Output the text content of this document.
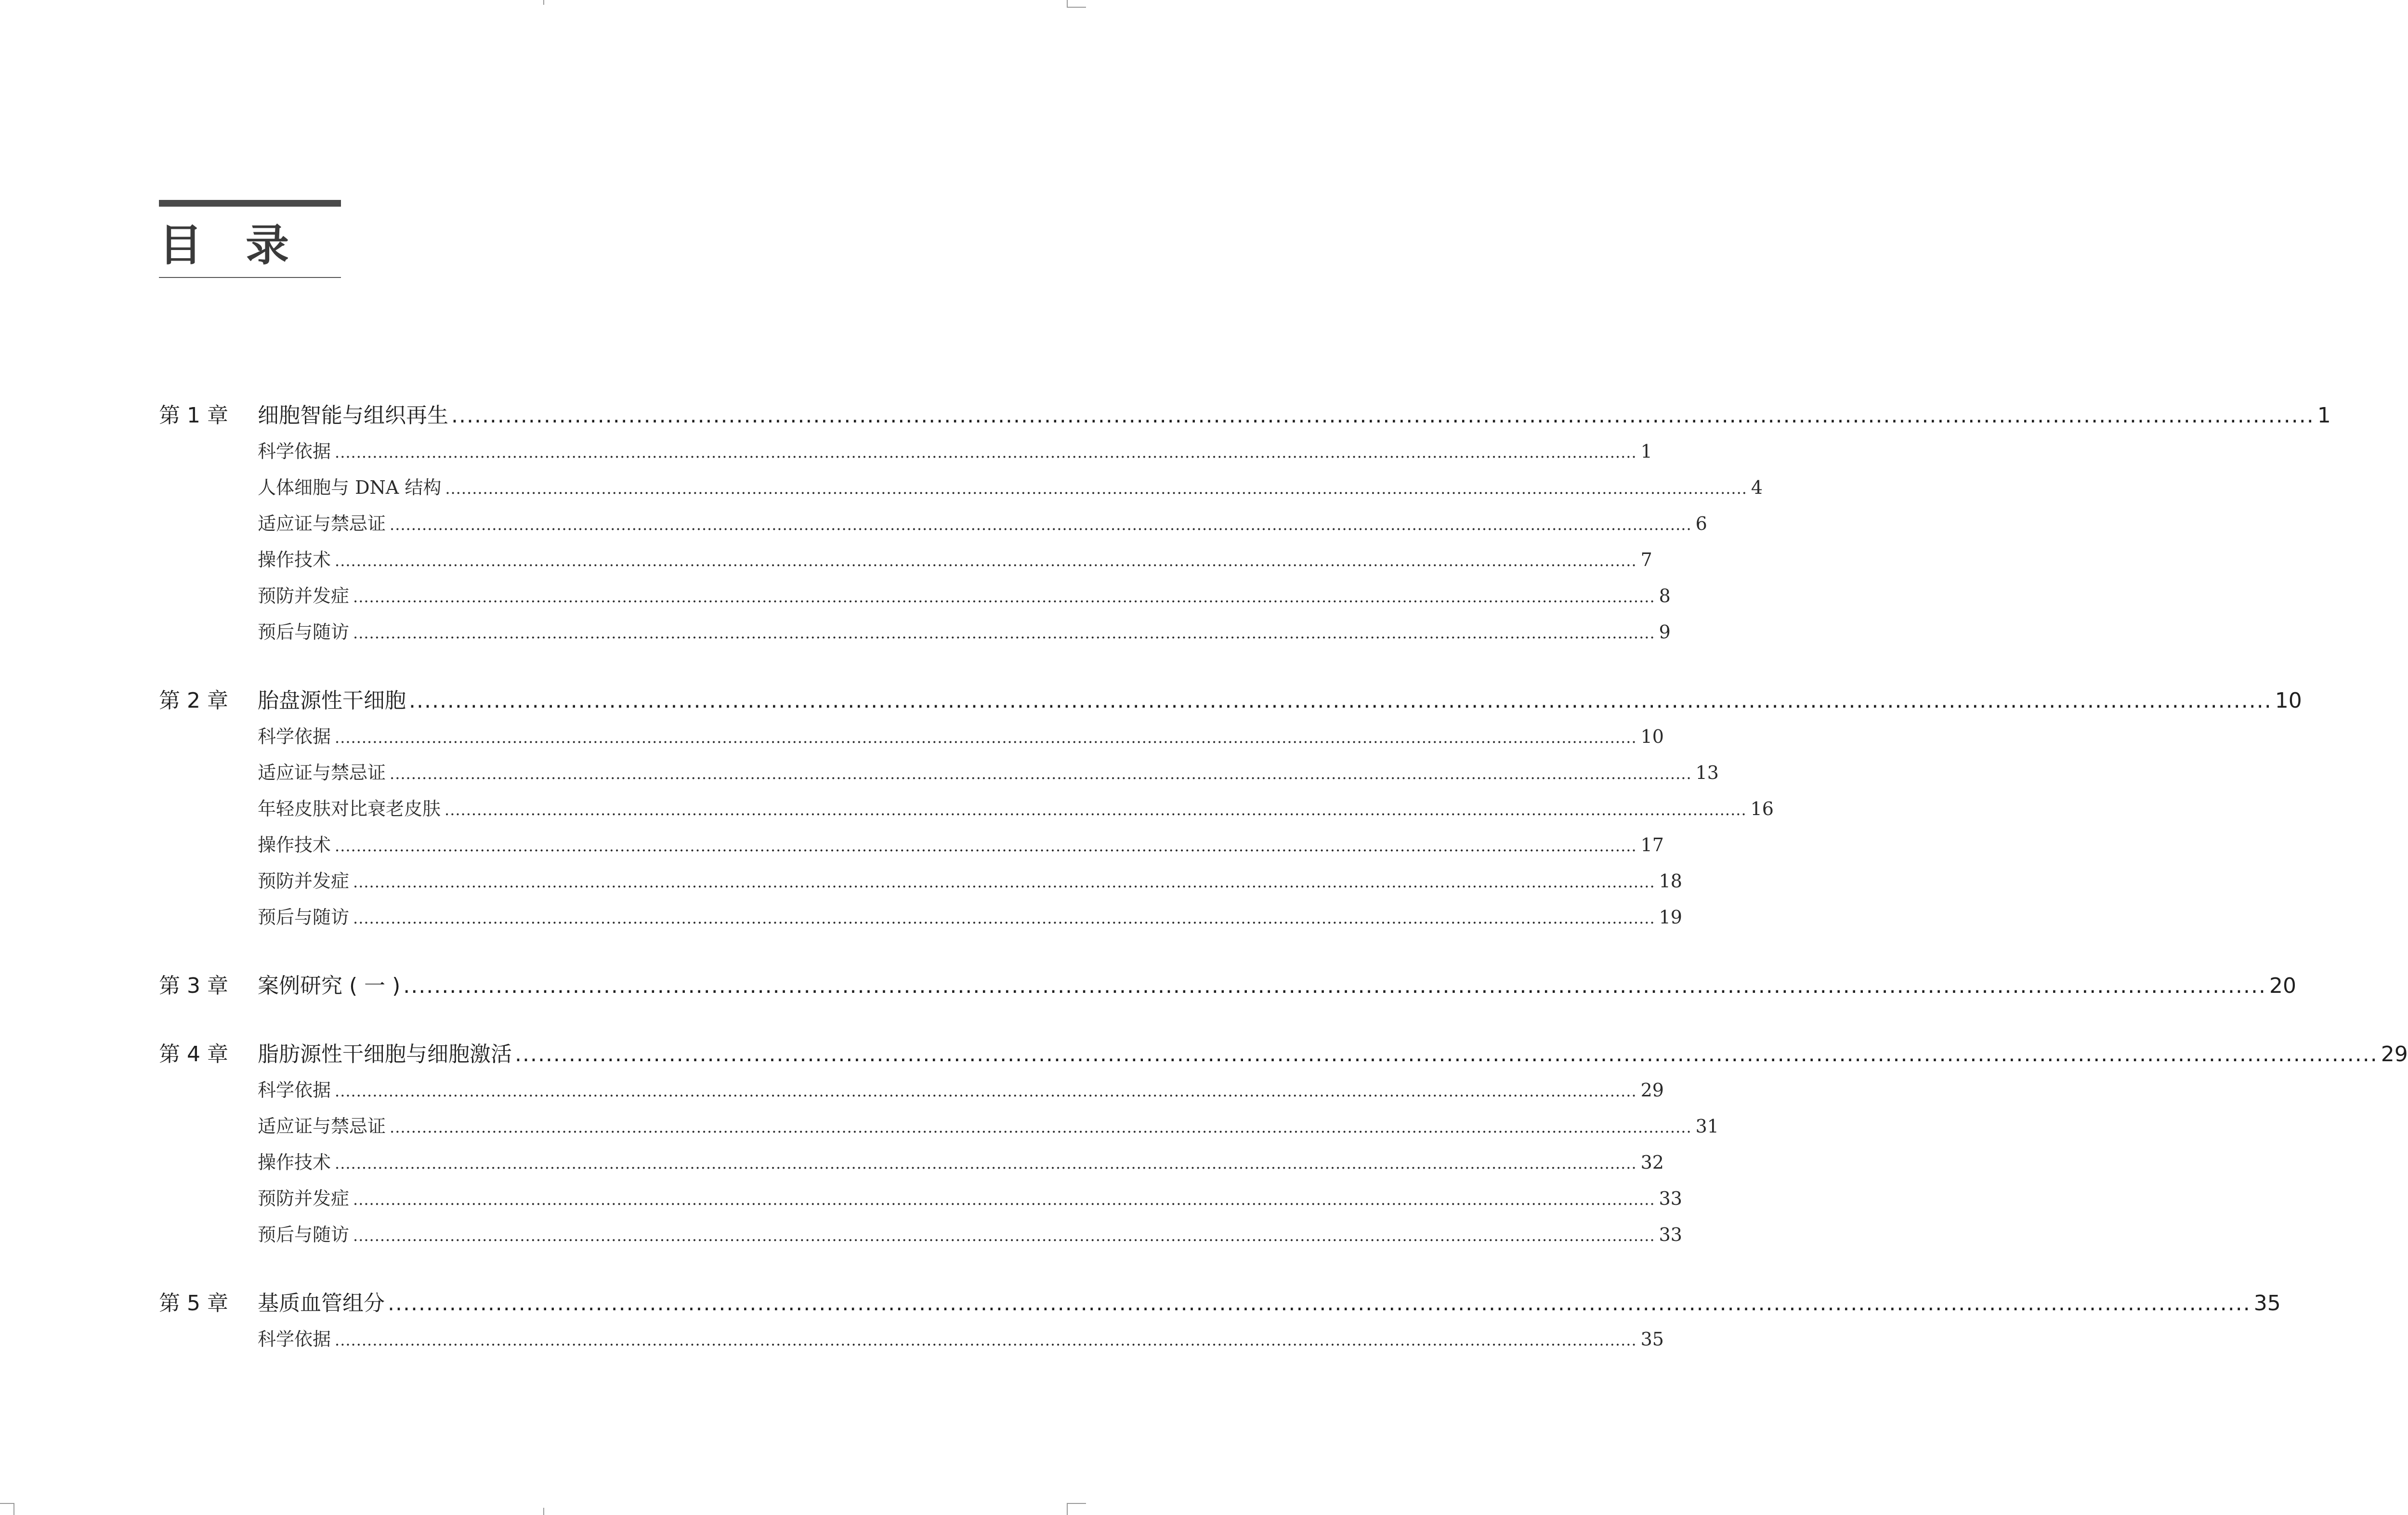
目录
第 1 章	细胞智能与组织再生 .................................................................................................................................................................................................................................................. 1
科学依据 .................................................................................................................................................................................................................................................. 1
人体细胞与 DNA 结构 .................................................................................................................................................................................................................................................. 4
适应证与禁忌证 .................................................................................................................................................................................................................................................. 6
操作技术 .................................................................................................................................................................................................................................................. 7
预防并发症 .................................................................................................................................................................................................................................................. 8
预后与随访 .................................................................................................................................................................................................................................................. 9
第 2 章	胎盘源性干细胞 .................................................................................................................................................................................................................................................. 10
科学依据 .................................................................................................................................................................................................................................................. 10
适应证与禁忌证 .................................................................................................................................................................................................................................................. 13
年轻皮肤对比衰老皮肤 .................................................................................................................................................................................................................................................. 16
操作技术 .................................................................................................................................................................................................................................................. 17
预防并发症 .................................................................................................................................................................................................................................................. 18
预后与随访 .................................................................................................................................................................................................................................................. 19
第 3 章	案例研究 ( 一 ) .................................................................................................................................................................................................................................................. 20
第 4 章	脂肪源性干细胞与细胞激活 .................................................................................................................................................................................................................................................. 29
科学依据 .................................................................................................................................................................................................................................................. 29
适应证与禁忌证 .................................................................................................................................................................................................................................................. 31
操作技术 .................................................................................................................................................................................................................................................. 32
预防并发症 .................................................................................................................................................................................................................................................. 33
预后与随访 .................................................................................................................................................................................................................................................. 33
第 5 章	基质血管组分 .................................................................................................................................................................................................................................................. 35
科学依据 .................................................................................................................................................................................................................................................. 35
